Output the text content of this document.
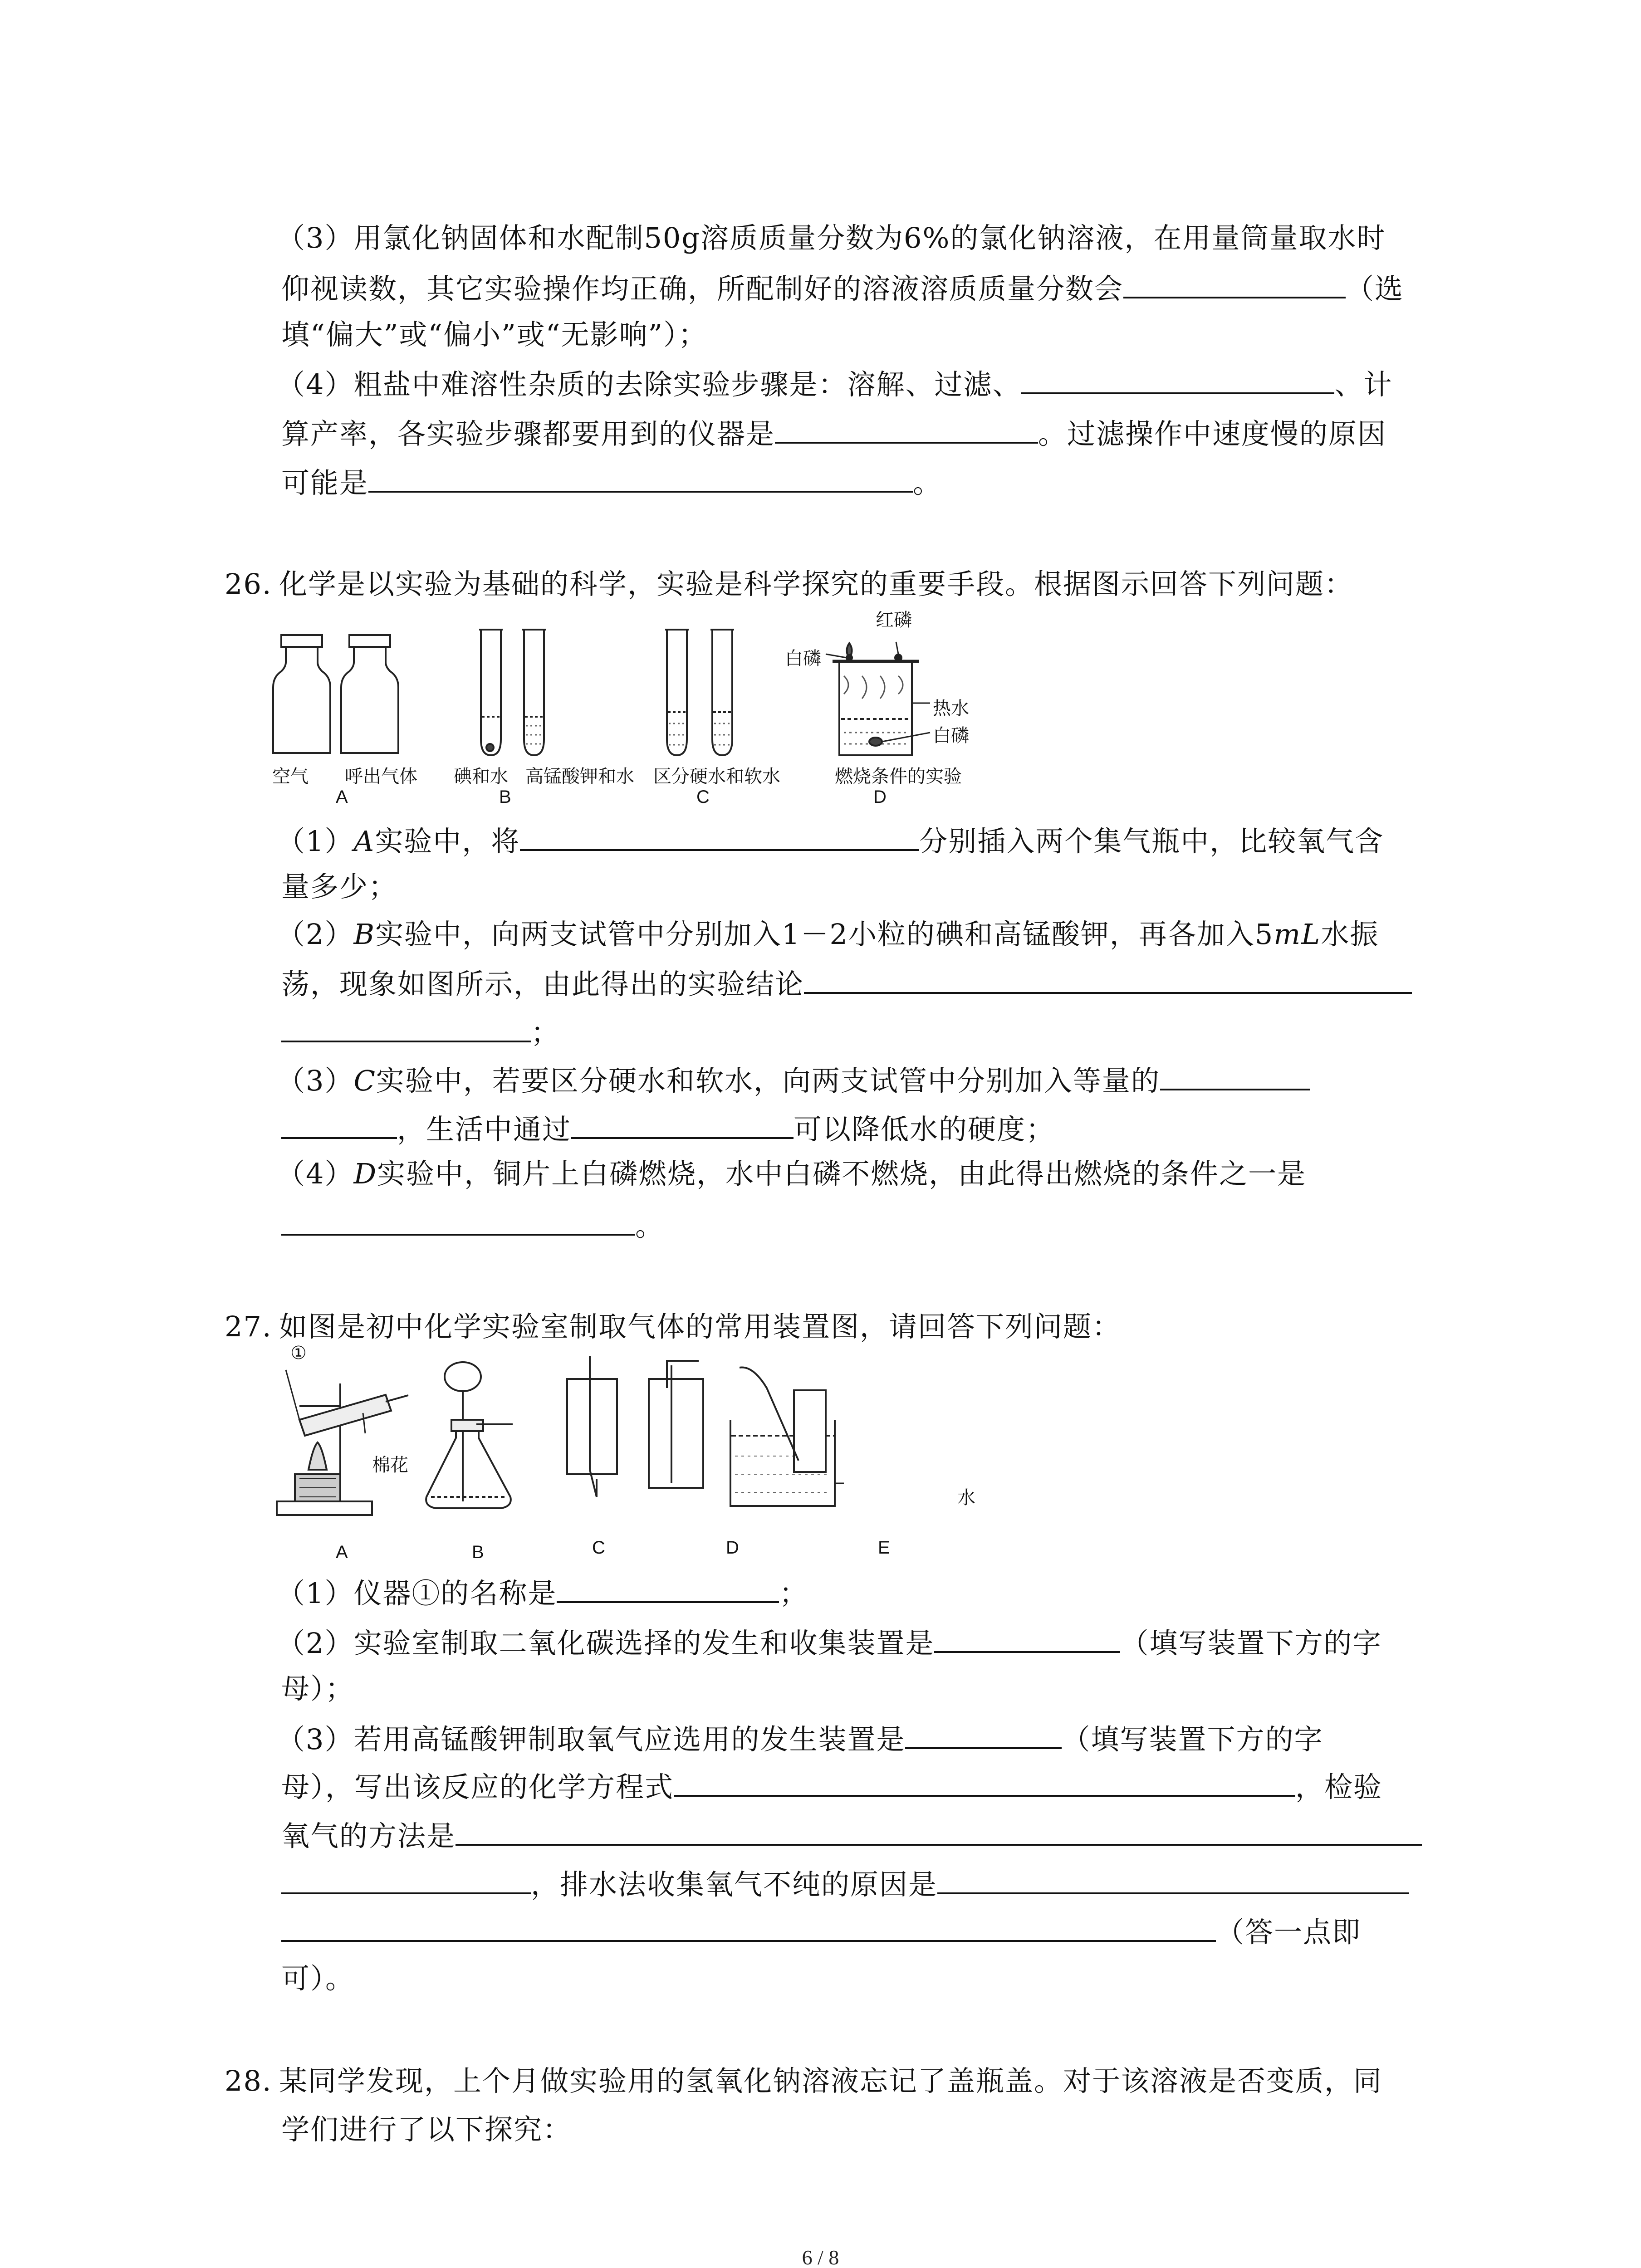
（3）用氯化钠固体和水配制50g溶质质量分数为6%的氯化钠溶液，在用量筒量取水时
仰视读数，其它实验操作均正确，所配制好的溶液溶质质量分数会	（选
填“偏大”或“偏小”或“无影响”）；
（4）粗盐中难溶性杂质的去除实验步骤是：溶解、过滤、	、计
算产率，各实验步骤都要用到的仪器是	。过滤操作中速度慢的原因
可能是	。
26. 化学是以实验为基础的科学，实验是科学探究的重要手段。根据图示回答下列问题：
空气 呼出气体 碘和水 高锰酸钾和水 区分硬水和软水	燃烧条件的实验
红磷
白磷
热水
白磷
A	B	C	D
（1）A实验中，将	分别插入两个集气瓶中，比较氧气含
量多少；
（2）B实验中，向两支试管中分别加入1－2小粒的碘和高锰酸钾，再各加入5mL水振
荡，现象如图所示，由此得出的实验结论
；
（3）C实验中，若要区分硬水和软水，向两支试管中分别加入等量的
，生活中通过	可以降低水的硬度；
（4）D实验中，铜片上白磷燃烧，水中白磷不燃烧，由此得出燃烧的条件之一是
。
27. 如图是初中化学实验室制取气体的常用装置图，请回答下列问题：
①
棉花
水
A	B	C	D	E
（1）仪器①的名称是	；
（2）实验室制取二氧化碳选择的发生和收集装置是	（填写装置下方的字
母）；
（3）若用高锰酸钾制取氧气应选用的发生装置是	（填写装置下方的字
母），写出该反应的化学方程式	，检验
氧气的方法是
，排水法收集氧气不纯的原因是
（答一点即
可）。
28. 某同学发现，上个月做实验用的氢氧化钠溶液忘记了盖瓶盖。对于该溶液是否变质，同
学们进行了以下探究：
6 / 8
